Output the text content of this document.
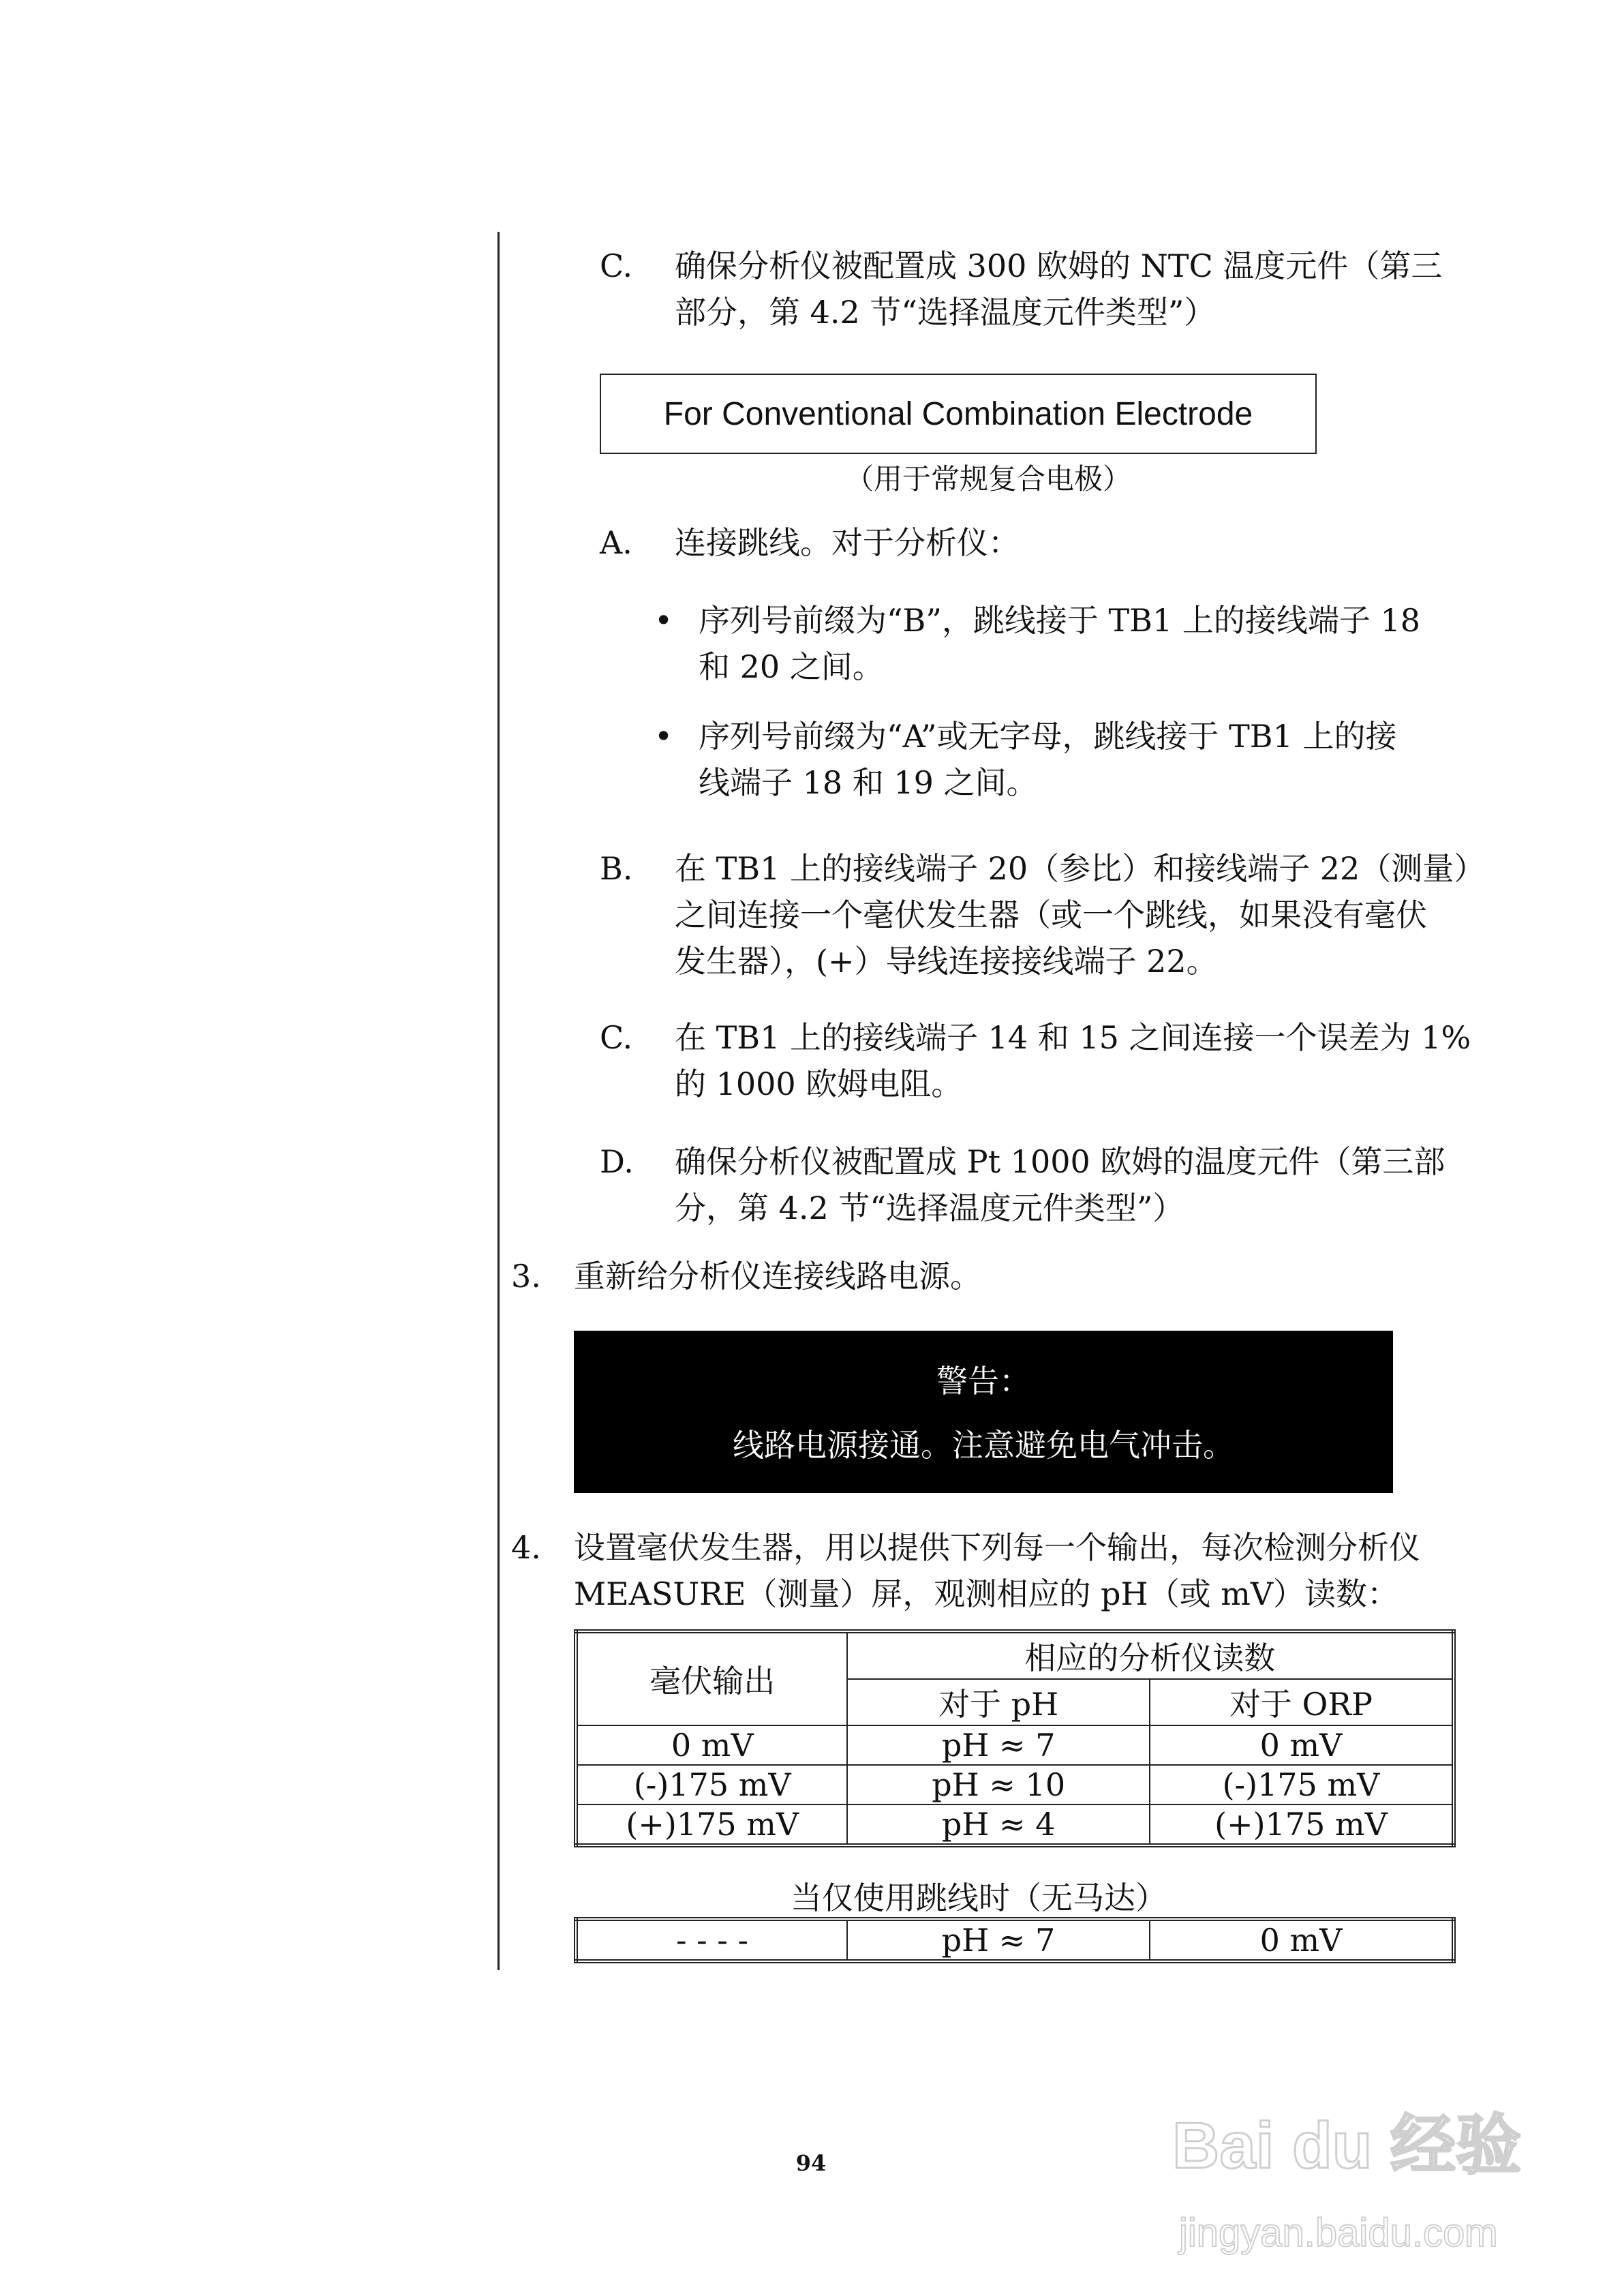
C. 确保分析仪被配置成 300 欧姆的 NTC 温度元件（第三
部分，第 4.2 节“选择温度元件类型”）
For Conventional Combination Electrode
（用于常规复合电极）
A. 连接跳线。对于分析仪：
• 序列号前缀为“B”，跳线接于 TB1 上的接线端子 18
和 20 之间。
• 序列号前缀为“A”或无字母，跳线接于 TB1 上的接
线端子 18 和 19 之间。
B. 在 TB1 上的接线端子 20（参比）和接线端子 22（测量）
之间连接一个毫伏发生器（或一个跳线，如果没有毫伏
发生器），(+）导线连接接线端子 22。
C. 在 TB1 上的接线端子 14 和 15 之间连接一个误差为 1%
的 1000 欧姆电阻。
D. 确保分析仪被配置成 Pt 1000 欧姆的温度元件（第三部
分，第 4.2 节“选择温度元件类型”）
3. 重新给分析仪连接线路电源。
警告：
线路电源接通。注意避免电气冲击。
4. 设置毫伏发生器，用以提供下列每一个输出，每次检测分析仪
MEASURE（测量）屏，观测相应的 pH（或 mV）读数：
毫伏输出	相应的分析仪读数	
	对于 pH	对于 ORP
0 mV	pH ≈ 7	0 mV
(-)175 mV	pH ≈ 10	(-)175 mV
(+)175 mV	pH ≈ 4	(+)175 mV
当仅使用跳线时（无马达）
- - - -	pH ≈ 7	0 mV
94	Bai du 经验
jingyan.baidu.com
